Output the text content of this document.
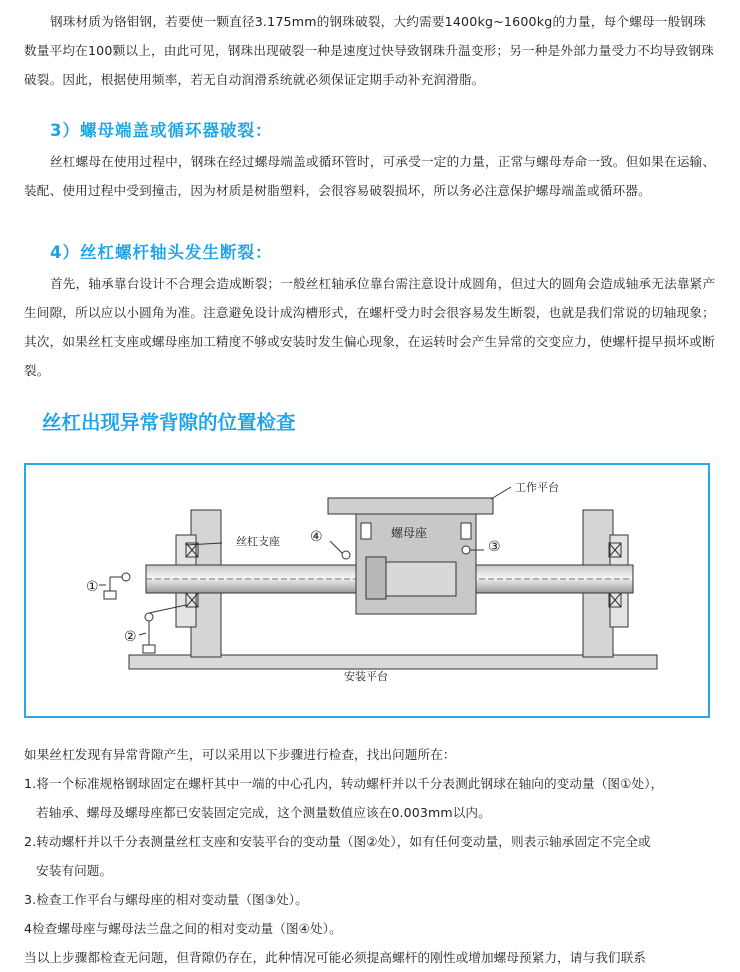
钢珠材质为铬钼钢，若要使一颗直径3.175mm的钢珠破裂，大约需要1400kg~1600kg的力量，每个螺母一般钢珠数量平均在100颗以上，由此可见，钢珠出现破裂一种是速度过快导致钢珠升温变形；另一种是外部力量受力不均导致钢珠破裂。因此，根据使用频率，若无自动润滑系统就必须保证定期手动补充润滑脂。

3）螺母端盖或循环器破裂：

丝杠螺母在使用过程中，钢珠在经过螺母端盖或循环管时，可承受一定的力量，正常与螺母寿命一致。但如果在运输、装配、使用过程中受到撞击，因为材质是树脂塑料，会很容易破裂损坏，所以务必注意保护螺母端盖或循环器。

4）丝杠螺杆轴头发生断裂：

首先，轴承靠台设计不合理会造成断裂；一般丝杠轴承位靠台需注意设计成圆角，但过大的圆角会造成轴承无法靠紧产生间隙，所以应以小圆角为准。注意避免设计成沟槽形式，在螺杆受力时会很容易发生断裂，也就是我们常说的切轴现象；其次，如果丝杠支座或螺母座加工精度不够或安装时发生偏心现象，在运转时会产生异常的交变应力，使螺杆提早损坏或断裂。

丝杠出现异常背隙的位置检查
工作平台
螺母座
丝杠支座
安装平台
①
②
③
④
如果丝杠发现有异常背隙产生，可以采用以下步骤进行检查，找出问题所在：
1.将一个标准规格钢球固定在螺杆其中一端的中心孔内，转动螺杆并以千分表测此钢球在轴向的变动量（图①处），
若轴承、螺母及螺母座都已安装固定完成，这个测量数值应该在0.003mm以内。
2.转动螺杆并以千分表测量丝杠支座和安装平台的变动量（图②处），如有任何变动量，则表示轴承固定不完全或
安装有问题。
3.检查工作平台与螺母座的相对变动量（图③处）。
4检查螺母座与螺母法兰盘之间的相对变动量（图④处）。
当以上步骤都检查无问题，但背隙仍存在，此种情况可能必须提高螺杆的刚性或增加螺母预紧力，请与我们联系
